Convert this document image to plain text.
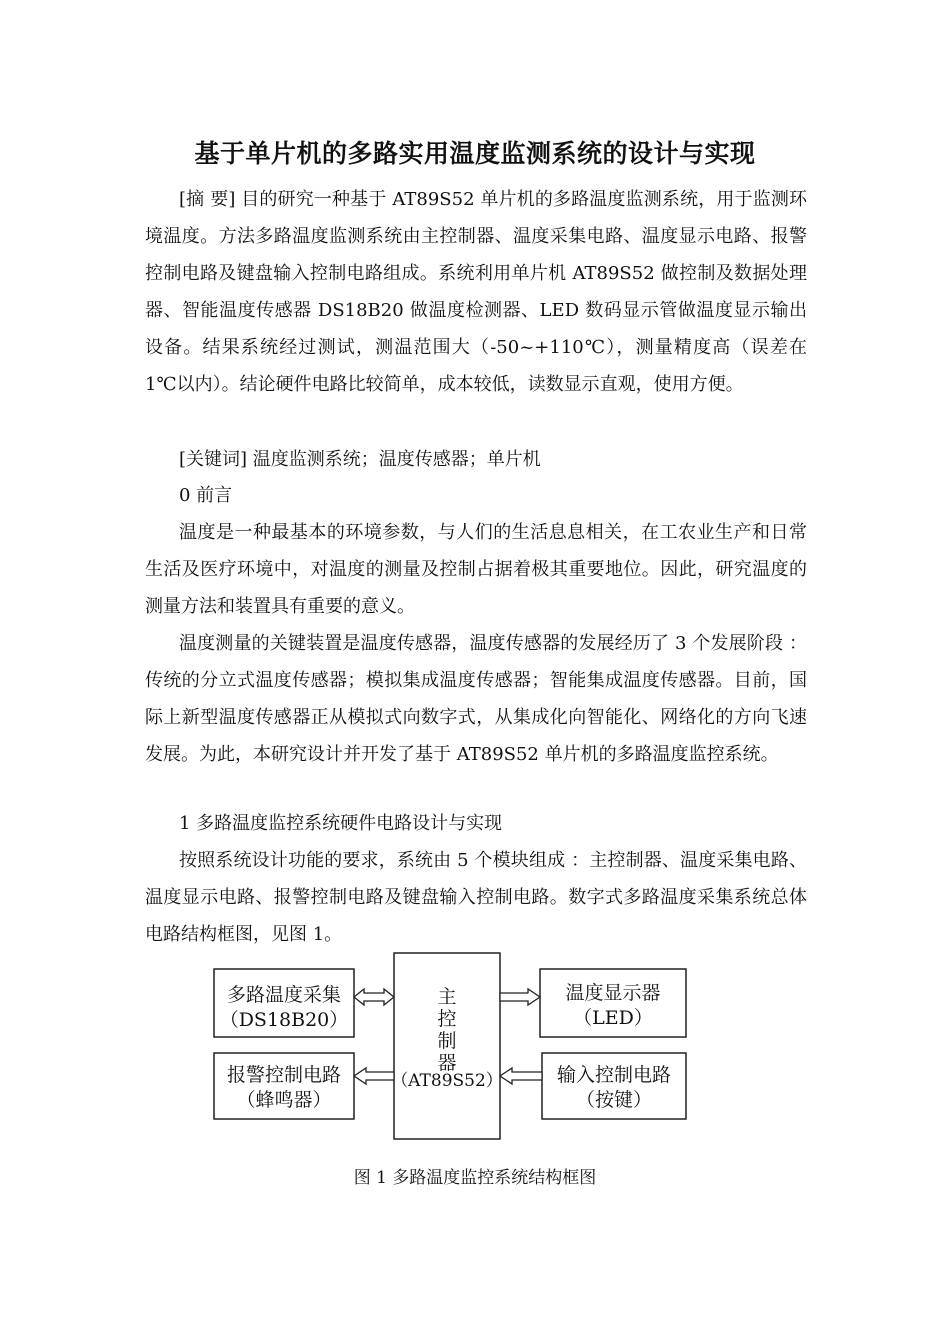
基于单片机的多路实用温度监测系统的设计与实现

[摘 要] 目的研究一种基于 AT89S52 单片机的多路温度监测系统，用于监测环境温度。方法多路温度监测系统由主控制器、温度采集电路、温度显示电路、报警控制电路及键盘输入控制电路组成。系统利用单片机 AT89S52 做控制及数据处理器、智能温度传感器 DS18B20 做温度检测器、LED 数码显示管做温度显示输出设备。结果系统经过测试，测温范围大（-50~+110℃），测量精度高（误差在 1℃以内）。结论硬件电路比较简单，成本较低，读数显示直观，使用方便。

[关键词] 温度监测系统；温度传感器；单片机

0 前言

温度是一种最基本的环境参数，与人们的生活息息相关，在工农业生产和日常生活及医疗环境中，对温度的测量及控制占据着极其重要地位。因此，研究温度的测量方法和装置具有重要的意义。

温度测量的关键装置是温度传感器，温度传感器的发展经历了 3 个发展阶段 ：传统的分立式温度传感器；模拟集成温度传感器；智能集成温度传感器。目前，国际上新型温度传感器正从模拟式向数字式，从集成化向智能化、网络化的方向飞速发展。为此，本研究设计并开发了基于 AT89S52 单片机的多路温度监控系统。

1 多路温度监控系统硬件电路设计与实现

按照系统设计功能的要求，系统由 5 个模块组成 ：主控制器、温度采集电路、温度显示电路、报警控制电路及键盘输入控制电路。数字式多路温度采集系统总体电路结构框图，见图 1。

多路温度采集
（DS18B20）
报警控制电路
（蜂鸣器）
温度显示器
（LED）
输入控制电路
（按键）
主
控
制
器
（AT89S52）
图 1 多路温度监控系统结构框图
